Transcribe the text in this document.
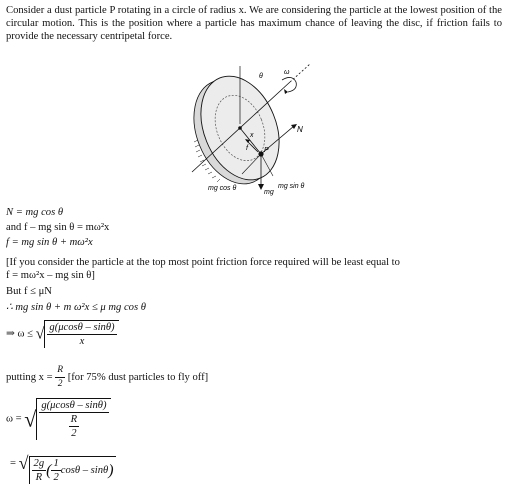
Consider a dust particle P rotating in a circle of radius x. We are considering the particle at the lowest position of the circular motion. This is the position where a particle has maximum chance of leaving the disc, if friction fails to provide the necessary centripetal force.
θ
ω
N
x
f P
mg cos θ
mg
mg sin θ
N = mg cos θ
and f – mg sin θ = mω²x
f = mg sin θ + mω²x
[If you consider the particle at the top most point friction force required will be least equal to
f = mω²x – mg sin θ]
But f ≤ μN
∴ mg sin θ + m ω²x ≤ μ mg cos θ
⇒ ω ≤ √ $\frac{g(\mu\cos\theta - \sin\theta)}{x}$
putting $x = \frac{R}{2} [for$ 75% dust particles to fly off]
ω = √ $\frac{g(\mu\cos\theta - \sin\theta)}{\frac{R}{2}}$
= √ $\frac{2g}{R}$ ( $\frac{1}{2}$ cosθ – sinθ )
